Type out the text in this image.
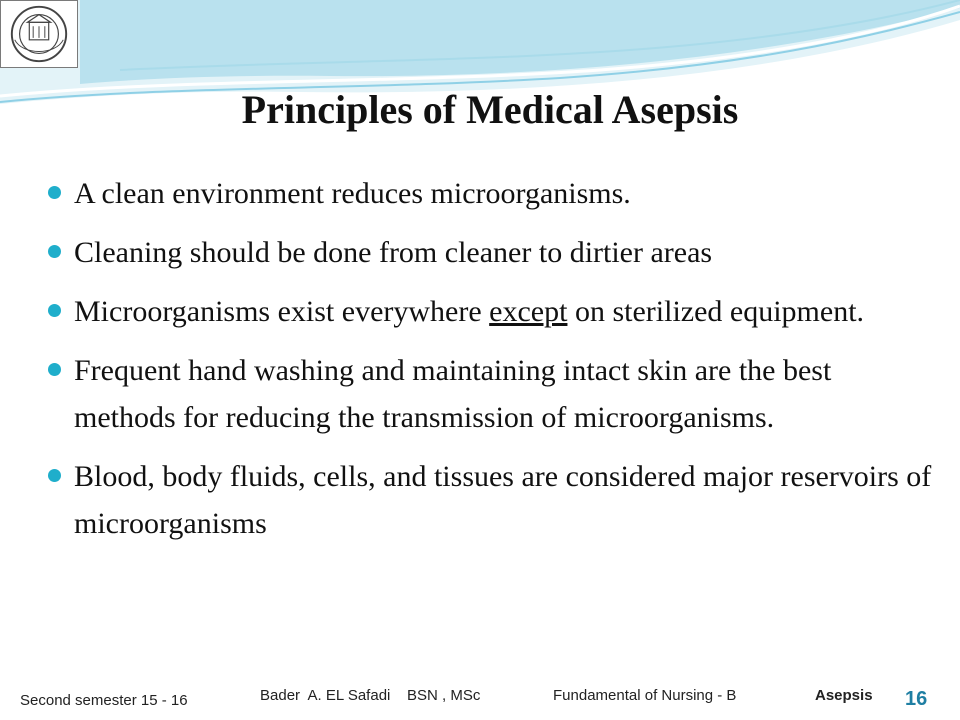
Principles of Medical Asepsis
A clean environment reduces microorganisms.
Cleaning should be done from cleaner to dirtier areas
Microorganisms exist everywhere except on sterilized equipment.
Frequent hand washing and maintaining intact skin are the best methods for reducing the transmission of microorganisms.
Blood, body fluids, cells, and tissues are considered major reservoirs of microorganisms
Second semester 15 - 16	Bader  A. EL Safadi    BSN , MSc	Fundamental of Nursing - B	Asepsis 16
